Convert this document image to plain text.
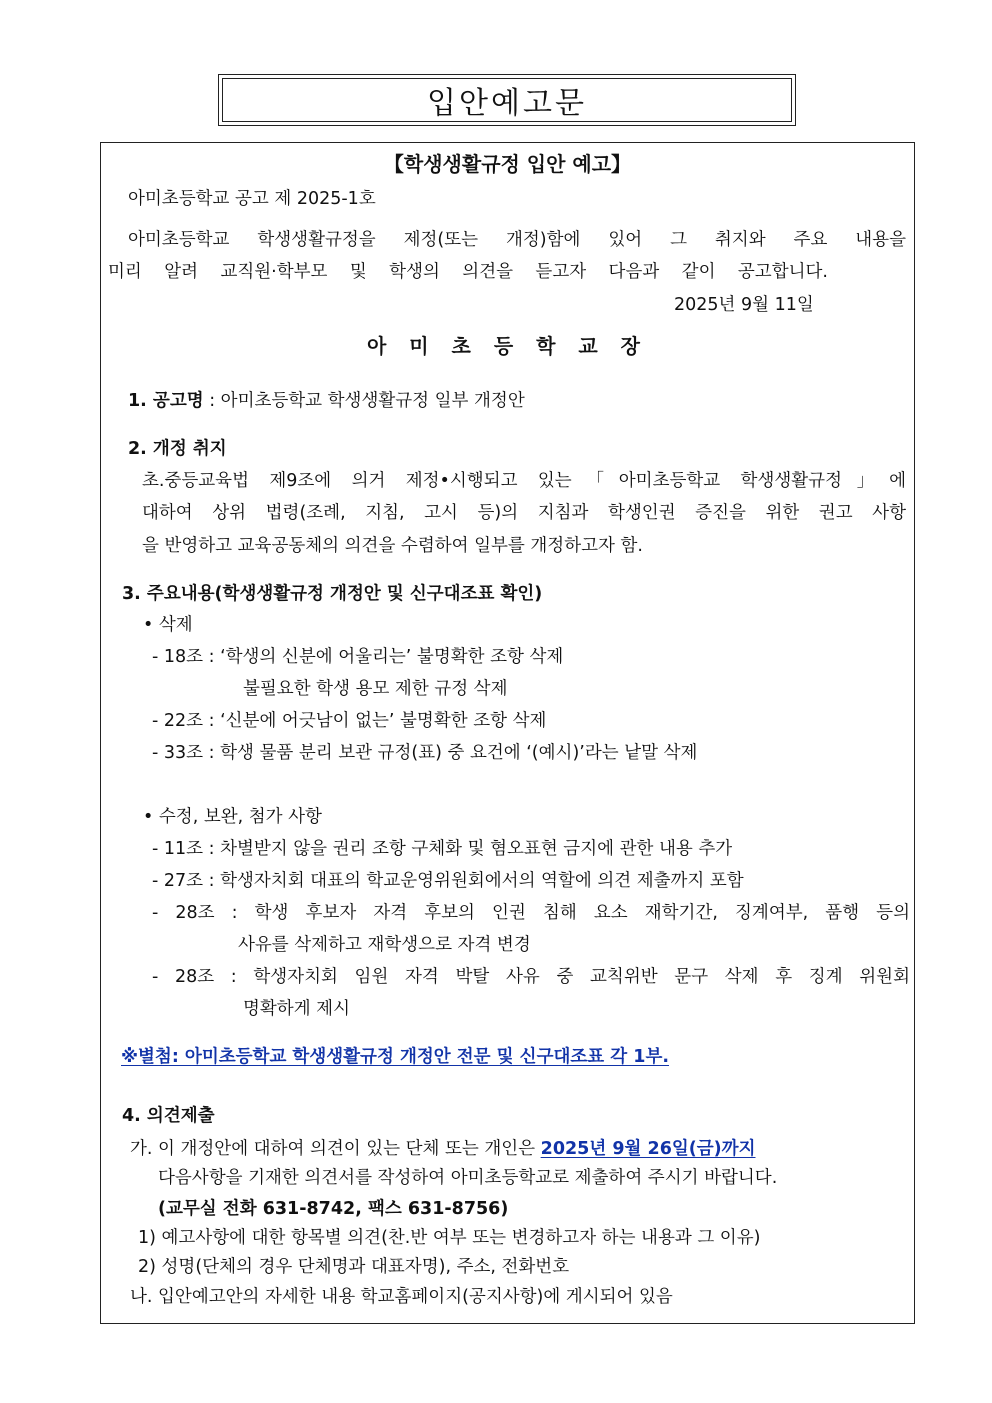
입안예고문
【학생생활규정 입안 예고】
아미초등학교 공고 제 2025-1호
아미초등학교 학생생활규정을 제정(또는 개정)함에 있어 그 취지와 주요 내용을
미리 알려 교직원·학부모 및 학생의 의견을 듣고자 다음과 같이 공고합니다.
2025년 9월 11일
아 미 초 등 학 교 장
1. 공고명 : 아미초등학교 학생생활규정 일부 개정안
2. 개정 취지
초.중등교육법 제9조에 의거 제정•시행되고 있는「아미초등학교 학생생활규정」에
대하여 상위 법령(조례, 지침, 고시 등)의 지침과 학생인권 증진을 위한 권고 사항
을 반영하고 교육공동체의 의견을 수렴하여 일부를 개정하고자 함.
3. 주요내용(학생생활규정 개정안 및 신구대조표 확인)
• 삭제
- 18조 : ‘학생의 신분에 어울리는’ 불명확한 조항 삭제
불필요한 학생 용모 제한 규정 삭제
- 22조 : ‘신분에 어긋남이 없는’ 불명확한 조항 삭제
- 33조 : 학생 물품 분리 보관 규정(표) 중 요건에 ‘(예시)’라는 낱말 삭제
• 수정, 보완, 첨가 사항
- 11조 : 차별받지 않을 권리 조항 구체화 및 혐오표현 금지에 관한 내용 추가
- 27조 : 학생자치회 대표의 학교운영위원회에서의 역할에 의견 제출까지 포함
- 28조 : 학생 후보자 자격 후보의 인권 침해 요소 재학기간, 징계여부, 품행 등의
사유를 삭제하고 재학생으로 자격 변경
- 28조 : 학생자치회 임원 자격 박탈 사유 중 교칙위반 문구 삭제 후 징계 위원회
명확하게 제시
※별첨: 아미초등학교 학생생활규정 개정안 전문 및 신구대조표 각 1부.
4. 의견제출
가. 이 개정안에 대하여 의견이 있는 단체 또는 개인은 2025년 9월 26일(금)까지
다음사항을 기재한 의견서를 작성하여 아미초등학교로 제출하여 주시기 바랍니다.
(교무실 전화 631-8742, 팩스 631-8756)
1) 예고사항에 대한 항목별 의견(찬.반 여부 또는 변경하고자 하는 내용과 그 이유)
2) 성명(단체의 경우 단체명과 대표자명), 주소, 전화번호
나. 입안예고안의 자세한 내용 학교홈페이지(공지사항)에 게시되어 있음
